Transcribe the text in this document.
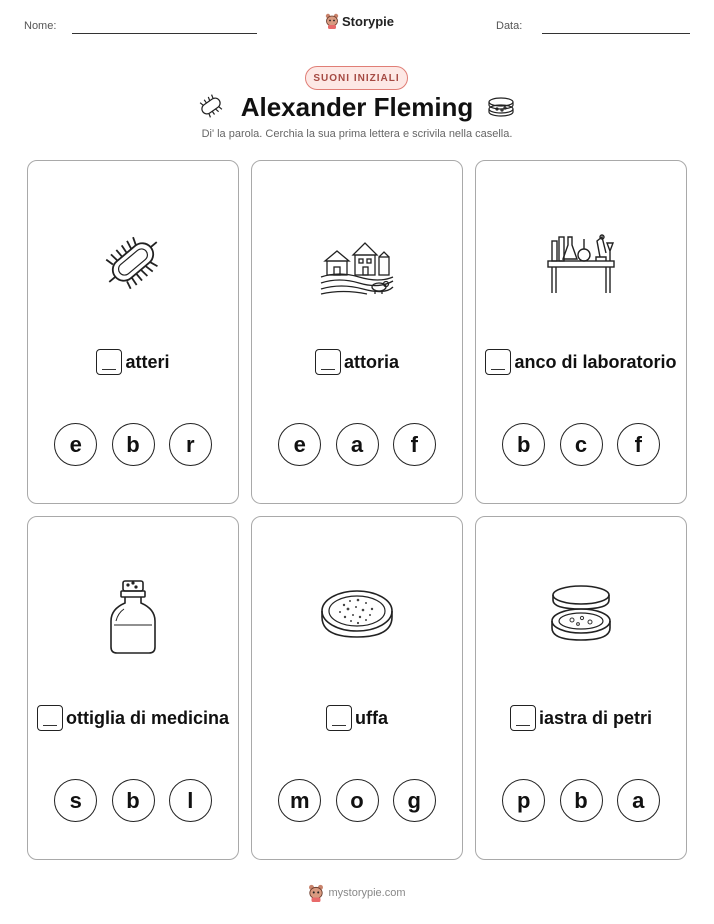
Nome:	Storypie	Data:
SUONI INIZIALI
Alexander Fleming
Di' la parola. Cerchia la sua prima lettera e scrivila nella casella.
atteri
e	b	r
attoria
e	a	f
anco di laboratorio
b	c	f
ottiglia di medicina
s	b	l
uffa
m	o	g
iastra di petri
p	b	a
mystorypie.com
